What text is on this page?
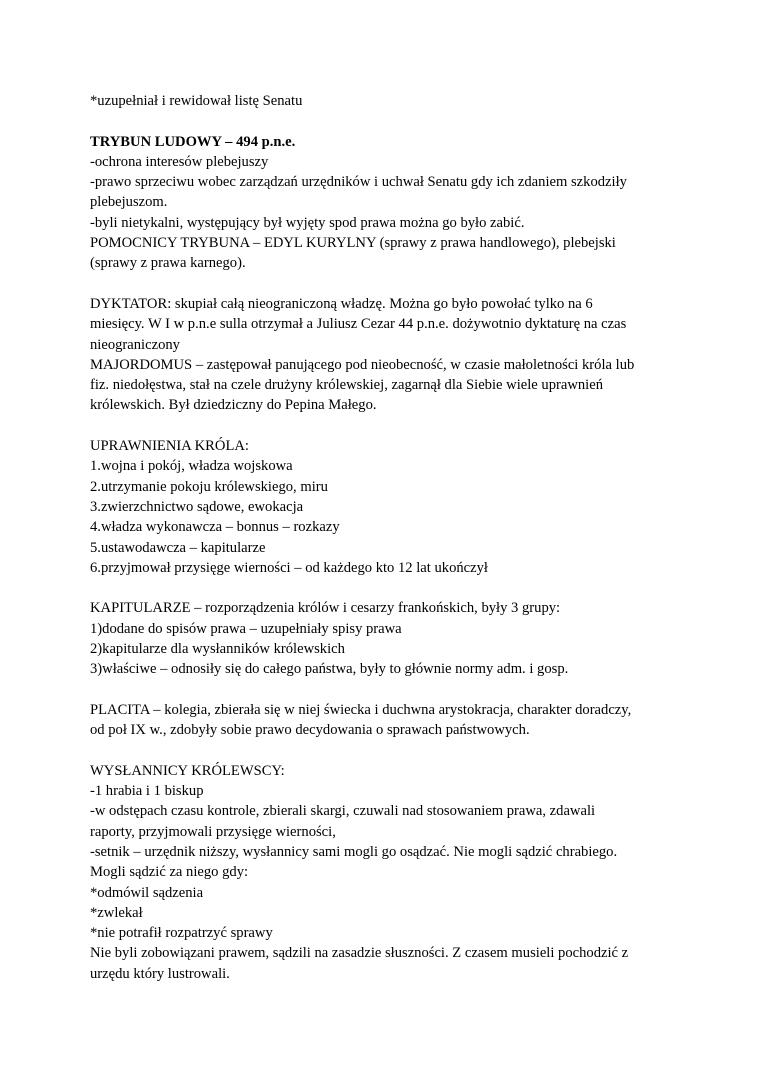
*uzupełniał i rewidował listę Senatu
TRYBUN LUDOWY – 494 p.n.e.
-ochrona interesów plebejuszy
-prawo sprzeciwu wobec zarządzań urzędników i uchwał Senatu gdy ich zdaniem szkodziły
plebejuszom.
-byli nietykalni, występujący był wyjęty spod prawa można go było zabić.
POMOCNICY TRYBUNA – EDYL KURYLNY (sprawy z prawa handlowego), plebejski
(sprawy z prawa karnego).
DYKTATOR: skupiał całą nieograniczoną władzę. Można go było powołać tylko na 6
miesięcy. W I w p.n.e sulla otrzymał a Juliusz Cezar 44 p.n.e. dożywotnio dyktaturę na czas
nieograniczony
MAJORDOMUS – zastępował panującego pod nieobecność, w czasie małoletności króla lub
fiz. niedołęstwa, stał na czele drużyny królewskiej, zagarnął dla Siebie wiele uprawnień
królewskich. Był dziedziczny do Pepina Małego.
UPRAWNIENIA KRÓLA:
1.wojna i pokój, władza wojskowa
2.utrzymanie pokoju królewskiego, miru
3.zwierzchnictwo sądowe, ewokacja
4.władza wykonawcza – bonnus – rozkazy
5.ustawodawcza – kapitularze
6.przyjmował przysięge wierności – od każdego kto 12 lat ukończył
KAPITULARZE – rozporządzenia królów i cesarzy frankońskich, były 3 grupy:
1)dodane do spisów prawa – uzupełniały spisy prawa
2)kapitularze dla wysłanników królewskich
3)właściwe – odnosiły się do całego państwa, były to głównie normy adm. i gosp.
PLACITA – kolegia, zbierała się w niej świecka i duchwna arystokracja, charakter doradczy,
od poł IX w., zdobyły sobie prawo decydowania o sprawach państwowych.
WYSŁANNICY KRÓLEWSCY:
-1 hrabia i 1 biskup
-w odstępach czasu kontrole, zbierali skargi, czuwali nad stosowaniem prawa, zdawali
raporty, przyjmowali przysięge wierności,
-setnik – urzędnik niższy, wysłannicy sami mogli go osądzać. Nie mogli sądzić chrabiego.
Mogli sądzić za niego gdy:
*odmówil sądzenia
*zwlekał
*nie potrafił rozpatrzyć sprawy
Nie byli zobowiązani prawem, sądzili na zasadzie słuszności. Z czasem musieli pochodzić z
urzędu który lustrowali.
